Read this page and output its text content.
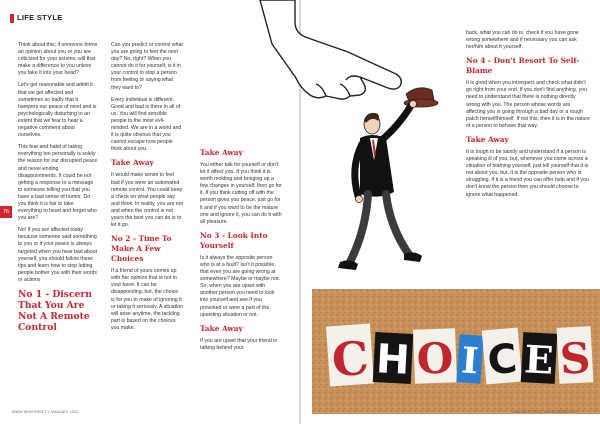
LIFE STYLE
76

Think about this; if someone forms an opinion about you or you are criticized for your actions, will that make a difference to you unless you take it into your head?

Let's get reasonable and admit it that we get affected and sometimes so badly that it hampers our peace of mind and is psychologically disturbing to an extent that we fear to hear a negative comment about ourselves.

This fear and habit of taking everything too personally is solely the reason for our disrupted peace and never-ending disappointments. It could be not getting a response to a message to someone telling you that you have a bad sense of humor. Do you think it is fair to take everything to heart and forget who you are?

No! If you are affected today because someone said something to you or if your peace is always targeted when you hear bad about yourself, you should follow these tips and learn how to stop letting people bother you with their words or actions

No 1 - Discern That You Are Not A Remote Control

Can you predict or control what you are going to feel the next day? No, right? When you cannot do it for yourself, is it in your control to stop a person from feeling or saying what they want to?

Every individual is different. Good and bad is there in all of us. You will find sensible people to the most evil-minded. We are in a world and it is quite obvious that you cannot escape how people think about you.

Take Away

It would make sense to feel bad if you were an automated remote control. You could keep a check on what people say and think. In reality, you are not and when the control is not yours the best you can do is to let it go.

No 2 - Time To Make A Few Choices

If a friend of yours comes up with her opinion that is not in your favor. It can be disappointing, but, the choice is for you to make of ignoring it or taking it seriously. A situation will arise anytime, the tackling part is based on the choices you make.

Take Away

You either talk for yourself or don't let it affect you. If you think it is worth molding and bringing up a few changes in yourself, then go for it. If you think cutting off with the person gives you peace, just go for it and if you want to be the mature one and ignore it, you can do it with all pleasure.

No 3 - Look Into Yourself

Is it always the opposite person who is at a fault? Isn't it possible that even you are going wrong at somewhere? Maybe or maybe not. So, when you are upset with another person you need to look into yourself and see if you provoked or were a part of the upsetting situation or not.

Take Away

If you are upset that your friend is talking behind your

back, what you can do is, check if you have gone wrong somewhere and if necessary you can ask her/him about it yourself.

No 4 - Don't Resort To Self-Blame

It is good when you introspect and check what didn't go right from your end. If you don't find anything, you need to understand that there is nothing directly wrong with you. The person whose words are affecting you is going through a bad day or a rough patch herself/himself. If not this, then it is in the nature of a person to behave that way.

Take Away

It is tough to be saintly and understand if a person is speaking ill of you, but, whenever you come across a situation of blaming yourself, just tell yourself that it is not about you, but, it is the opposite person who is struggling. If it is a friend you can offer help and if you don't know the person then you should choose to ignore what happened.

C H O I C E S
WWW.WIDESHEET | JANUARY 2024	JANUARY 2024 | WWW.WIDESHEET
